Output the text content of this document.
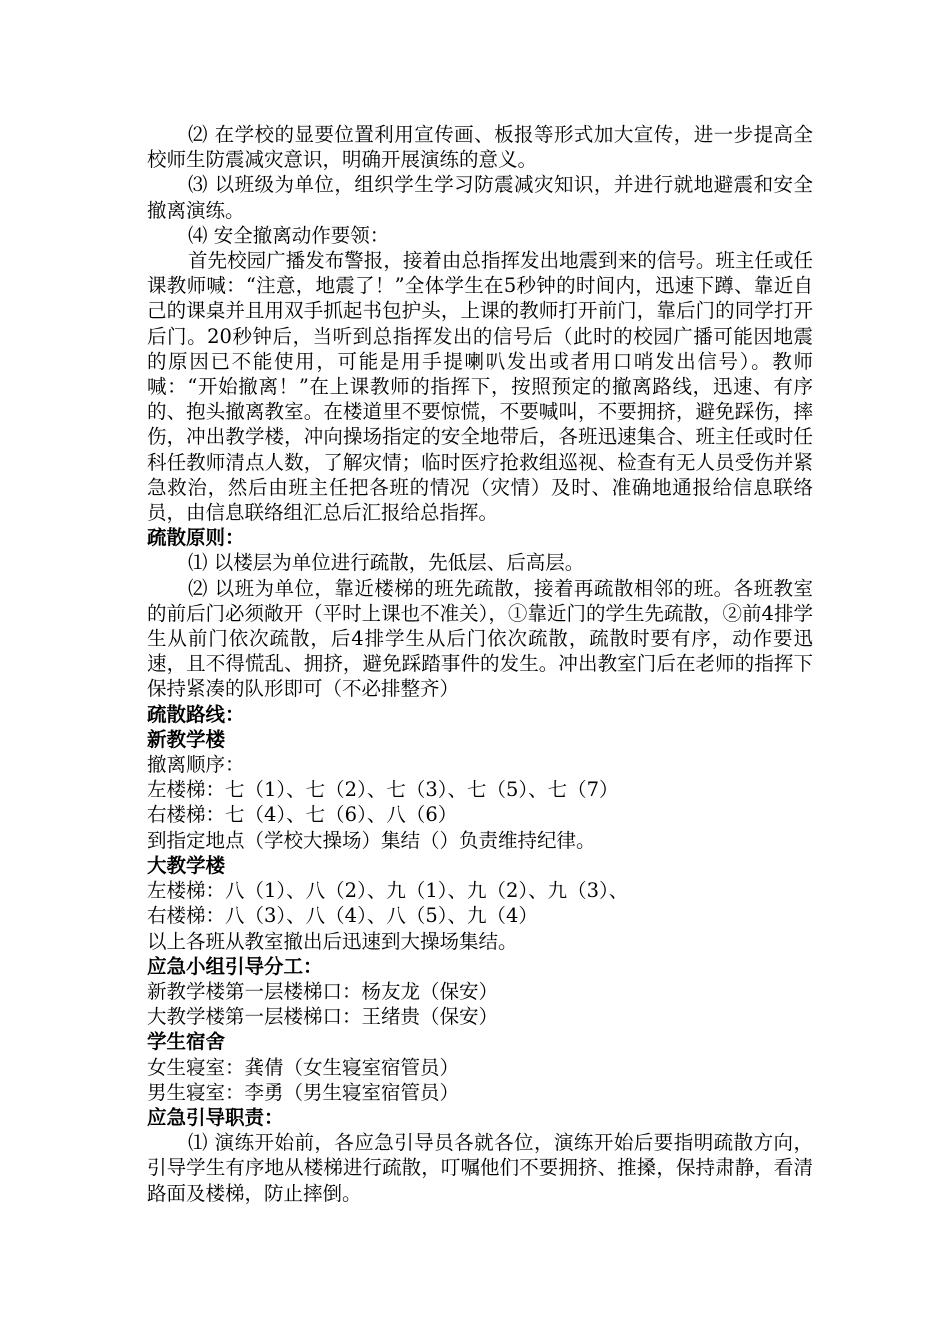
⑵ 在学校的显要位置利用宣传画、板报等形式加大宣传，进一步提高全校师生防震减灾意识，明确开展演练的意义。

⑶ 以班级为单位，组织学生学习防震减灾知识，并进行就地避震和安全撤离演练。

⑷ 安全撤离动作要领：

首先校园广播发布警报，接着由总指挥发出地震到来的信号。班主任或任课教师喊：“注意，地震了！”全体学生在5秒钟的时间内，迅速下蹲、靠近自己的课桌并且用双手抓起书包护头，上课的教师打开前门，靠后门的同学打开后门。20秒钟后，当听到总指挥发出的信号后（此时的校园广播可能因地震的原因已不能使用，可能是用手提喇叭发出或者用口哨发出信号）。教师喊：“开始撤离！”在上课教师的指挥下，按照预定的撤离路线，迅速、有序的、抱头撤离教室。在楼道里不要惊慌，不要喊叫，不要拥挤，避免踩伤，摔伤，冲出教学楼，冲向操场指定的安全地带后，各班迅速集合、班主任或时任科任教师清点人数，了解灾情；临时医疗抢救组巡视、检查有无人员受伤并紧急救治，然后由班主任把各班的情况（灾情）及时、准确地通报给信息联络员，由信息联络组汇总后汇报给总指挥。

疏散原则：

⑴ 以楼层为单位进行疏散，先低层、后高层。

⑵ 以班为单位，靠近楼梯的班先疏散，接着再疏散相邻的班。各班教室的前后门必须敞开（平时上课也不准关），①靠近门的学生先疏散，②前4排学生从前门依次疏散，后4排学生从后门依次疏散，疏散时要有序，动作要迅速，且不得慌乱、拥挤，避免踩踏事件的发生。冲出教室门后在老师的指挥下保持紧凑的队形即可（不必排整齐）

疏散路线：

新教学楼

撤离顺序：

左楼梯：七（1）、七（2）、七（3）、七（5）、七（7）

右楼梯：七（4）、七（6）、八（6）

到指定地点（学校大操场）集结（）负责维持纪律。

大教学楼

左楼梯：八（1）、八（2）、九（1）、九（2）、九（3）、

右楼梯：八（3）、八（4）、八（5）、九（4）

以上各班从教室撤出后迅速到大操场集结。

应急小组引导分工：

新教学楼第一层楼梯口：杨友龙（保安）

大教学楼第一层楼梯口：王绪贵（保安）

学生宿舍

女生寝室：龚倩（女生寝室宿管员）

男生寝室：李勇（男生寝室宿管员）

应急引导职责：

⑴ 演练开始前，各应急引导员各就各位，演练开始后要指明疏散方向，引导学生有序地从楼梯进行疏散，叮嘱他们不要拥挤、推搡，保持肃静，看清路面及楼梯，防止摔倒。
